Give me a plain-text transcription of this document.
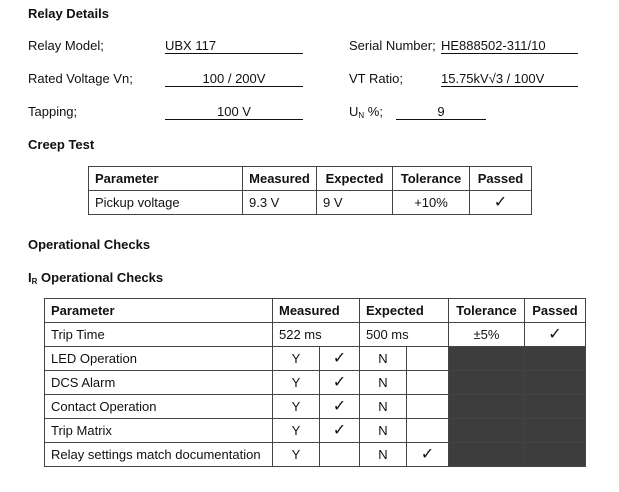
Relay Details
Relay Model;	UBX 117	Serial Number; HE888502-311/10
Rated Voltage Vn;	100 / 200V	VT Ratio;	15.75kV√3 / 100V
Tapping;	100 V	$U_N$ %;	9
Creep Test
Parameter	Measured	Expected	Tolerance	Passed
Pickup voltage	9.3 V	9 V	+10%	✓
Operational Checks
$I_R$ Operational Checks
Parameter	Measured		Expected		Tolerance	Passed
Trip Time	522 ms		500 ms		±5%	✓
LED Operation	Y	✓	N			
DCS Alarm	Y	✓	N			
Contact Operation	Y	✓	N			
Trip Matrix	Y	✓	N			
Relay settings match documentation	Y		N	✓		
